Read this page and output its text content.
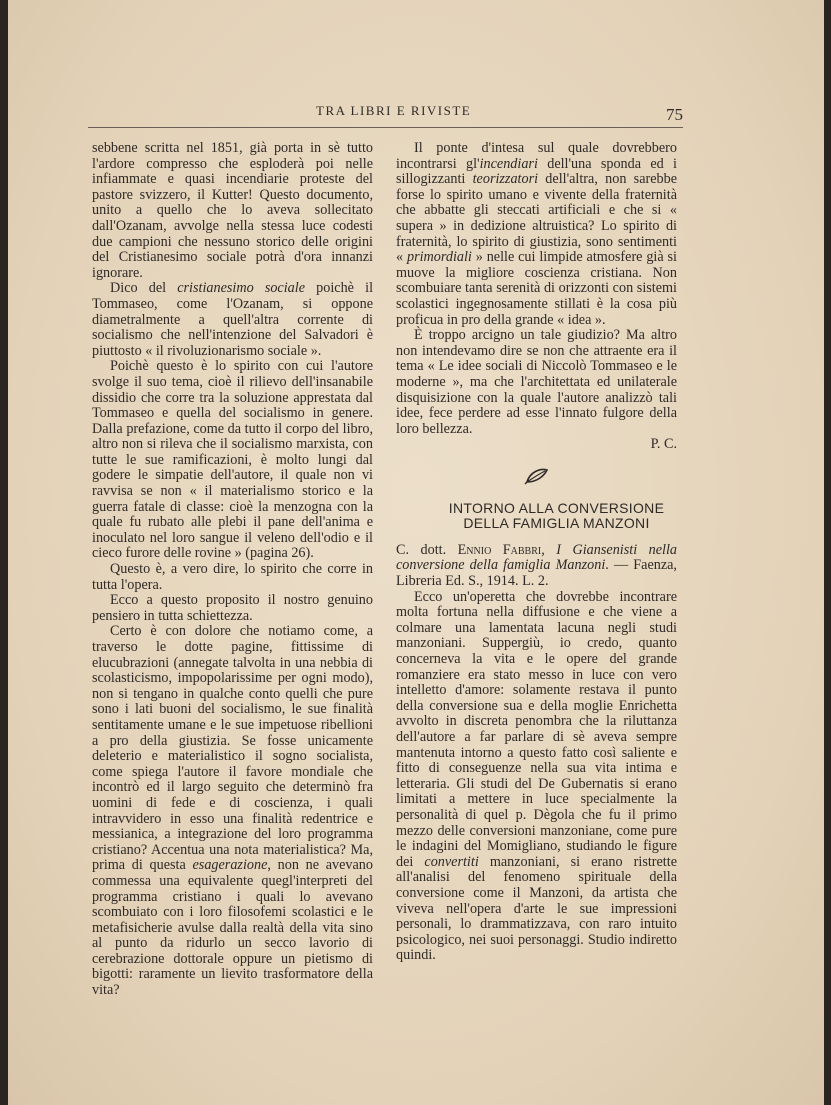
TRA LIBRI E RIVISTE	75

sebbene scritta nel 1851, già porta in sè tutto l'ardore compresso che esploderà poi nelle infiammate e quasi incendiarie proteste del pastore svizzero, il Kutter! Questo documento, unito a quello che lo aveva sollecitato dall'Ozanam, avvolge nella stessa luce codesti due campioni che nessuno storico delle origini del Cristianesimo sociale potrà d'ora innanzi ignorare.

Dico del cristianesimo sociale poichè il Tommaseo, come l'Ozanam, si oppone diametralmente a quell'altra corrente di socialismo che nell'intenzione del Salvadori è piuttosto « il rivoluzionarismo sociale ».

Poichè questo è lo spirito con cui l'autore svolge il suo tema, cioè il rilievo dell'insanabile dissidio che corre tra la soluzione apprestata dal Tommaseo e quella del socialismo in genere. Dalla prefazione, come da tutto il corpo del libro, altro non si rileva che il socialismo marxista, con tutte le sue ramificazioni, è molto lungi dal godere le simpatie dell'autore, il quale non vi ravvisa se non « il materialismo storico e la guerra fatale di classe: cioè la menzogna con la quale fu rubato alle plebi il pane dell'anima e inoculato nel loro sangue il veleno dell'odio e il cieco furore delle rovine » (pagina 26).

Questo è, a vero dire, lo spirito che corre in tutta l'opera.

Ecco a questo proposito il nostro genuino pensiero in tutta schiettezza.

Certo è con dolore che notiamo come, a traverso le dotte pagine, fittissime di elucubrazioni (annegate talvolta in una nebbia di scolasticismo, impopolarissime per ogni modo), non si tengano in qualche conto quelli che pure sono i lati buoni del socialismo, le sue finalità sentitamente umane e le sue impetuose ribellioni a pro della giustizia. Se fosse unicamente deleterio e materialistico il sogno socialista, come spiega l'autore il favore mondiale che incontrò ed il largo seguito che determinò fra uomini di fede e di coscienza, i quali intravvidero in esso una finalità redentrice e messianica, a integrazione del loro programma cristiano? Accentua una nota materialistica? Ma, prima di questa esagerazione, non ne avevano commessa una equivalente quegl'interpreti del programma cristiano i quali lo avevano scombuiato con i loro filosofemi scolastici e le metafisicherie avulse dalla realtà della vita sino al punto da ridurlo un secco lavorio di cerebrazione dottorale oppure un pietismo di bigotti: raramente un lievito trasformatore della vita?

Il ponte d'intesa sul quale dovrebbero incontrarsi gl'incendiari dell'una sponda ed i sillogizzanti teorizzatori dell'altra, non sarebbe forse lo spirito umano e vivente della fraternità che abbatte gli steccati artificiali e che si « supera » in dedizione altruistica? Lo spirito di fraternità, lo spirito di giustizia, sono sentimenti « primordiali » nelle cui limpide atmosfere già si muove la migliore coscienza cristiana. Non scombuiare tanta serenità di orizzonti con sistemi scolastici ingegnosamente stillati è la cosa più proficua in pro della grande « idea ».

È troppo arcigno un tale giudizio? Ma altro non intendevamo dire se non che attraente era il tema « Le idee sociali di Niccolò Tommaseo e le moderne », ma che l'architettata ed unilaterale disquisizione con la quale l'autore analizzò tali idee, fece perdere ad esse l'innato fulgore della loro bellezza.

P. C.
INTORNO ALLA CONVERSIONE
DELLA FAMIGLIA MANZONI

C. dott. Ennio Fabbri, I Giansenisti nella conversione della famiglia Manzoni. — Faenza, Libreria Ed. S., 1914. L. 2.

Ecco un'operetta che dovrebbe incontrare molta fortuna nella diffusione e che viene a colmare una lamentata lacuna negli studi manzoniani. Suppergiù, io credo, quanto concerneva la vita e le opere del grande romanziere era stato messo in luce con vero intelletto d'amore: solamente restava il punto della conversione sua e della moglie Enrichetta avvolto in discreta penombra che la riluttanza dell'autore a far parlare di sè aveva sempre mantenuta intorno a questo fatto così saliente e fitto di conseguenze nella sua vita intima e letteraria. Gli studi del De Gubernatis si erano limitati a mettere in luce specialmente la personalità di quel p. Dègola che fu il primo mezzo delle conversioni manzoniane, come pure le indagini del Momigliano, studiando le figure dei convertiti manzoniani, si erano ristrette all'analisi del fenomeno spirituale della conversione come il Manzoni, da artista che viveva nell'opera d'arte le sue impressioni personali, lo drammatizzava, con raro intuito psicologico, nei suoi personaggi. Studio indiretto quindi.
